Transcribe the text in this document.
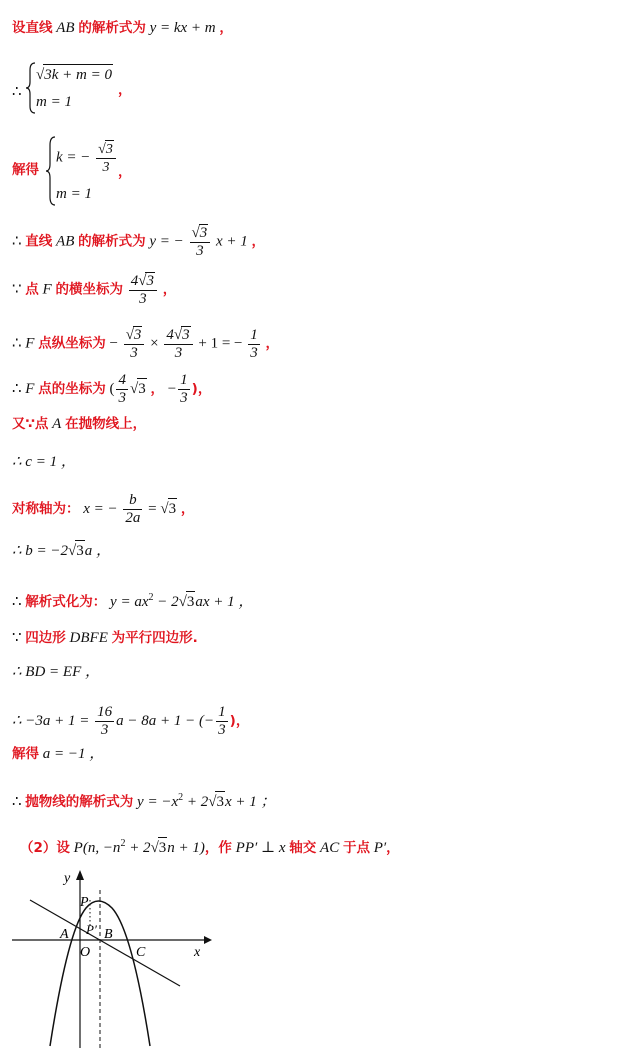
设直线 AB 的解析式为 y = kx + m ，
∴
√3k + m = 0
m = 1
，
解得
k = − $\frac{√3}{3}$
m = 1
，
∴ 直线 AB 的解析式为 y = − $\frac{√3}{3}$ x + 1 ，
∵ 点 F 的横坐标为 $\frac{4√3}{3}$ ，
∴ F 点纵坐标为 − $\frac{√3}{3} \times \frac{4√3}{3} + 1$ = − $\frac{1}{3}$ ，
∴ F 点的坐标为 ( $\frac{4}{3} √3$ ， − $\frac{1}{3}$ )，
又∵点 A 在抛物线上，
∴ c = 1 ，
对称轴为： x = − $\frac{b}{2a} = √3$ ，
∴ b = −2√3a ，
∴ 解析式化为： $y = ax^2 - 2√3ax + 1$ ，
∵ 四边形 DBFE 为平行四边形.
∴ BD = EF ，
∴ $-3a + 1 = \frac{16}{3}$ a − 8a + 1 − (− $\frac{1}{3}$ )，
解得 a = −1 ，
∴ 抛物线的解析式为 $y = -x^2 + 2√3x + 1$ ；
（2）设 P(n, $-n^2 + 2√3n + 1$)，作 PP′ ⊥ x 轴交 AC 于点 P′，
y
x
P
P′
A
O
B
C
